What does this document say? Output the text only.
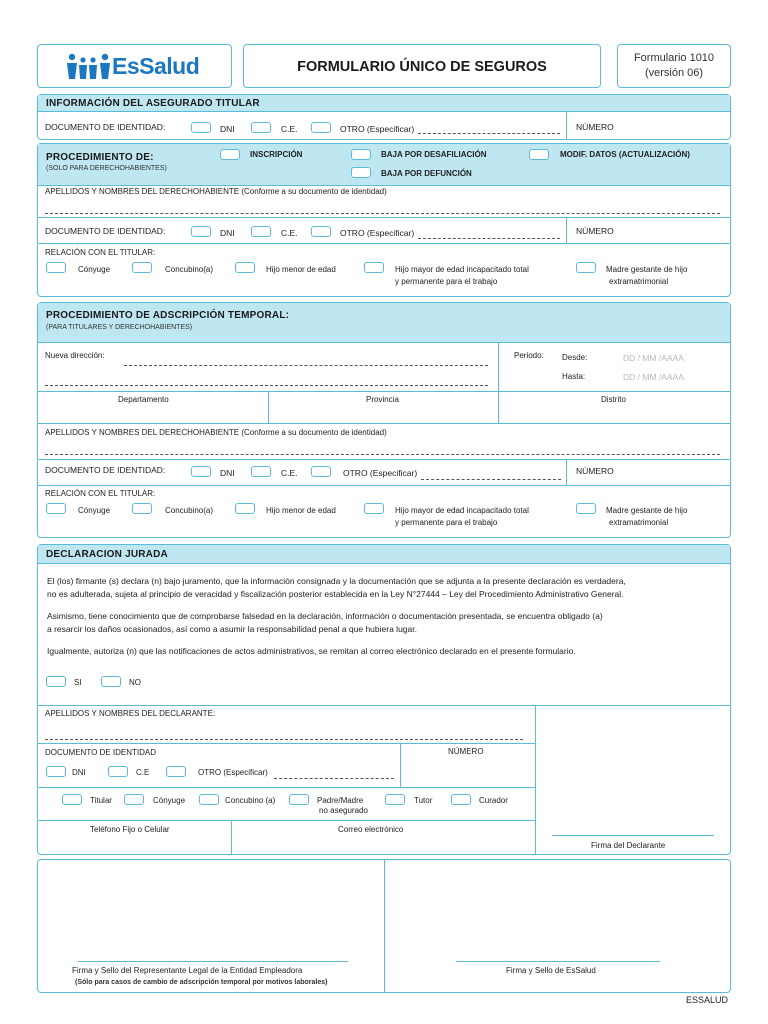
EsSalud	FORMULARIO ÚNICO DE SEGUROS
Formulario 1010
(versión 06)
INFORMACIÓN DEL ASEGURADO TITULAR
DOCUMENTO DE IDENTIDAD:	DNI	C.E.	OTRO (Especificar)	NÚMERO
PROCEDIMIENTO DE:
(SOLO PARA DERECHOHABIENTES)
INSCRIPCIÓN	BAJA POR DESAFILIACIÓN	MODIF. DATOS (ACTUALIZACIÓN)
BAJA POR DEFUNCIÓN
APELLIDOS Y NOMBRES DEL DERECHOHABIENTE (Conforme a su documento de identidad)
DOCUMENTO DE IDENTIDAD:	DNI	C.E.	OTRO (Especificar)	NÚMERO
RELACIÓN CON EL TITULAR:
Cónyuge	Concubino(a)	Hijo menor de edad	Hijo mayor de edad incapacitado total
y permanente para el trabajo
Madre gestante de hijo
extramatrimonial
PROCEDIMIENTO DE ADSCRIPCIÓN TEMPORAL:
(PARA TITULARES Y DERECHOHABIENTES)
Nueva dirección:	Periodo: Desde:	DD / MM /AAAA
Hasta:	DD / MM /AAAA
Departamento	Provincia	Distrito
APELLIDOS Y NOMBRES DEL DERECHOHABIENTE (Conforme a su documento de identidad)
DOCUMENTO DE IDENTIDAD:	DNI	C.E.	OTRO (Especificar)	NÚMERO
RELACIÓN CON EL TITULAR:
Cónyuge	Concubino(a)	Hijo menor de edad	Hijo mayor de edad incapacitado total
y permanente para el trabajo
Madre gestante de hijo
extramatrimonial
DECLARACION JURADA
El (los) firmante (s) declara (n) bajo juramento, que la información consignada y la documentación que se adjunta a la presente declaración es verdadera,
no es adulterada, sujeta al principio de veracidad y fiscalización posterior establecida en la Ley N°27444 – Ley del Procedimiento Administrativo General.
Asimismo, tiene conocimiento que de comprobarse falsedad en la declaración, información o documentación presentada, se encuentra obligado (a)
a resarcir los daños ocasionados, así como a asumir la responsabilidad penal a que hubiera lugar.
Igualmente, autoriza (n) que las notificaciones de actos administrativos, se remitan al correo electrónico declarado en el presente formulario.
SI	NO
APELLIDOS Y NOMBRES DEL DECLARANTE:
DOCUMENTO DE IDENTIDAD	NÚMERO
DNI	C.E	OTRO (Especificar)
Titular	Cónyuge	Concubino (a)	Padre/Madre
no asegurado
Tutor	Curador
Teléfono Fijo o Celular	Correo electrónico
Firma del Declarante
Firma y Sello del Representante Legal de la Entidad Empleadora
(Sólo para casos de cambio de adscripción temporal por motivos laborales)
Firma y Sello de EsSalud
ESSALUD
